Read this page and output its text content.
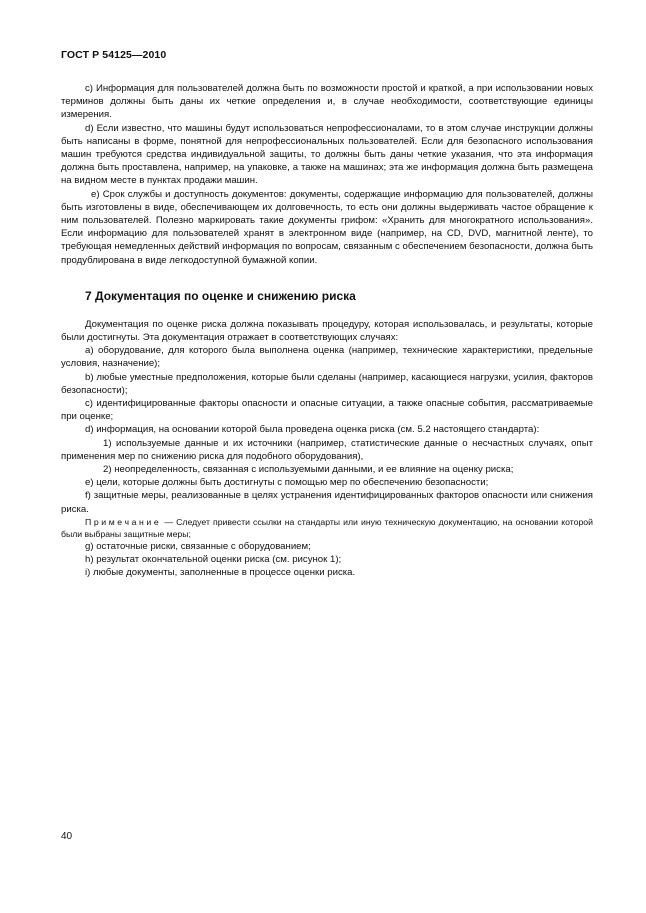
ГОСТ Р 54125—2010

c) Информация для пользователей должна быть по возможности простой и краткой, а при использовании новых терминов должны быть даны их четкие определения и, в случае необходимости, соответствующие единицы измерения.

d) Если известно, что машины будут использоваться непрофессионалами, то в этом случае инструкции должны быть написаны в форме, понятной для непрофессиональных пользователей. Если для безопасного использования машин требуются средства индивидуальной защиты, то должны быть даны четкие указания, что эта информация должна быть проставлена, например, на упаковке, а также на машинах; эта же информация должна быть размещена на видном месте в пунктах продажи машин.

e) Срок службы и доступность документов: документы, содержащие информацию для пользователей, должны быть изготовлены в виде, обеспечивающем их долговечность, то есть они должны выдерживать частое обращение к ним пользователей. Полезно маркировать такие документы грифом: «Хранить для многократного использования». Если информацию для пользователей хранят в электронном виде (например, на CD, DVD, магнитной ленте), то требующая немедленных действий информация по вопросам, связанным с обеспечением безопасности, должна быть продублирована в виде легкодоступной бумажной копии.

7 Документация по оценке и снижению риска

Документация по оценке риска должна показывать процедуру, которая использовалась, и результаты, которые были достигнуты. Эта документация отражает в соответствующих случаях:

a) оборудование, для которого была выполнена оценка (например, технические характеристики, предельные условия, назначение);

b) любые уместные предположения, которые были сделаны (например, касающиеся нагрузки, усилия, факторов безопасности);

c) идентифицированные факторы опасности и опасные ситуации, а также опасные события, рассматриваемые при оценке;

d) информация, на основании которой была проведена оценка риска (см. 5.2 настоящего стандарта):

1) используемые данные и их источники (например, статистические данные о несчастных случаях, опыт применения мер по снижению риска для подобного оборудования),

2) неопределенность, связанная с используемыми данными, и ее влияние на оценку риска;

e) цели, которые должны быть достигнуты с помощью мер по обеспечению безопасности;

f) защитные меры, реализованные в целях устранения идентифицированных факторов опасности или снижения риска.

Примечание — Следует привести ссылки на стандарты или иную техническую документацию, на основании которой были выбраны защитные меры;

g) остаточные риски, связанные с оборудованием;

h) результат окончательной оценки риска (см. рисунок 1);

i) любые документы, заполненные в процессе оценки риска.

40
